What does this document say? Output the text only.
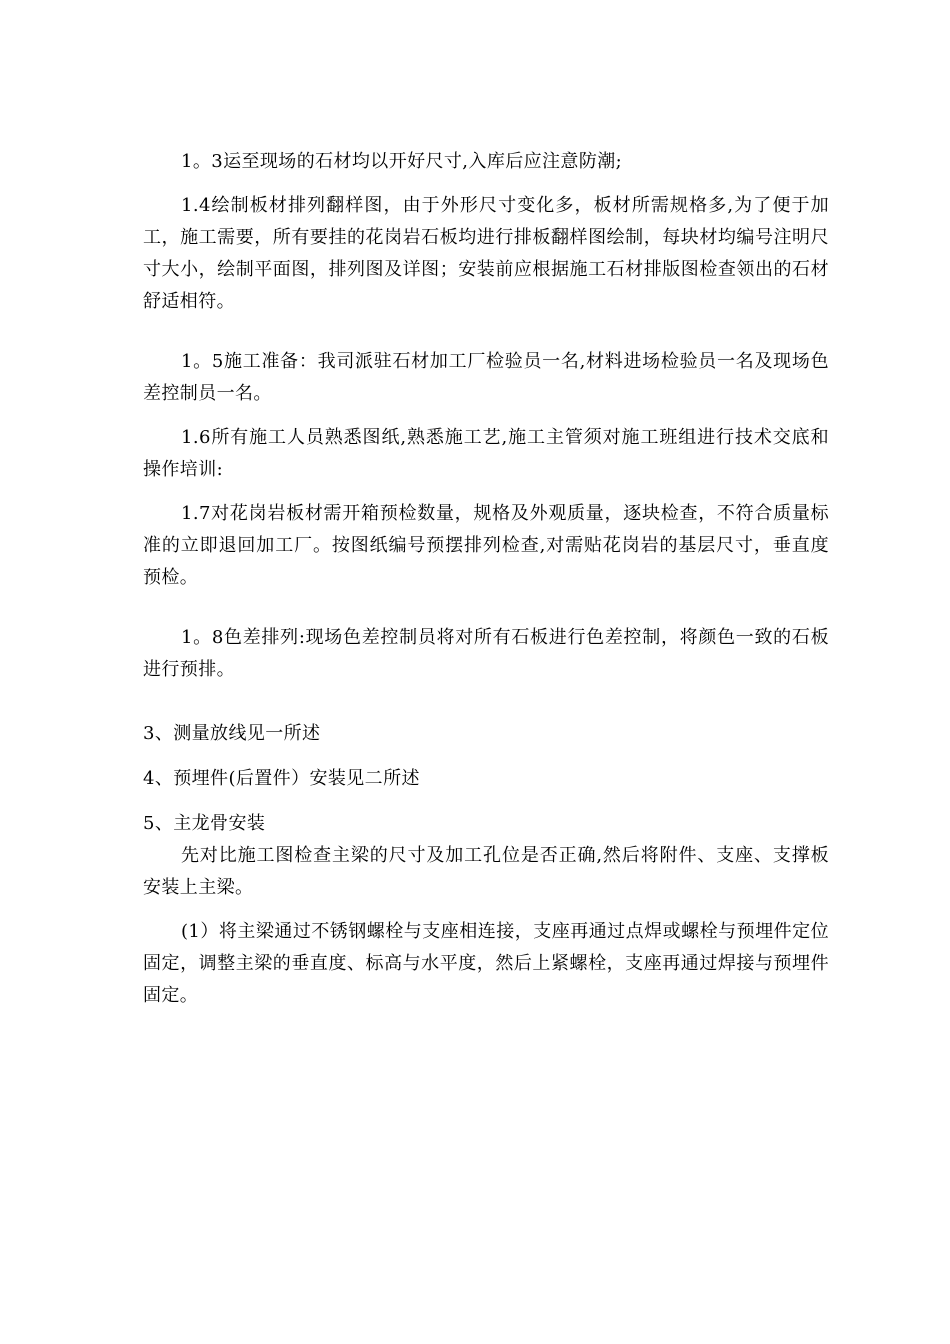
1。3运至现场的石材均以开好尺寸,入库后应注意防潮;

1.4绘制板材排列翻样图，由于外形尺寸变化多，板材所需规格多,为了便于加工，施工需要，所有要挂的花岗岩石板均进行排板翻样图绘制，每块材均编号注明尺寸大小，绘制平面图，排列图及详图；安装前应根据施工石材排版图检查领出的石材舒适相符。

1。5施工准备：我司派驻石材加工厂检验员一名,材料进场检验员一名及现场色差控制员一名。

1.6所有施工人员熟悉图纸,熟悉施工艺,施工主管须对施工班组进行技术交底和操作培训:

1.7对花岗岩板材需开箱预检数量，规格及外观质量，逐块检查，不符合质量标准的立即退回加工厂。按图纸编号预摆排列检查,对需贴花岗岩的基层尺寸，垂直度预检。

1。8色差排列:现场色差控制员将对所有石板进行色差控制，将颜色一致的石板进行预排。

3、测量放线见一所述

4、预埋件(后置件）安装见二所述

5、主龙骨安装

先对比施工图检查主梁的尺寸及加工孔位是否正确,然后将附件、支座、支撑板安装上主梁。

(1）将主梁通过不锈钢螺栓与支座相连接，支座再通过点焊或螺栓与预埋件定位固定，调整主梁的垂直度、标高与水平度，然后上紧螺栓，支座再通过焊接与预埋件固定。
